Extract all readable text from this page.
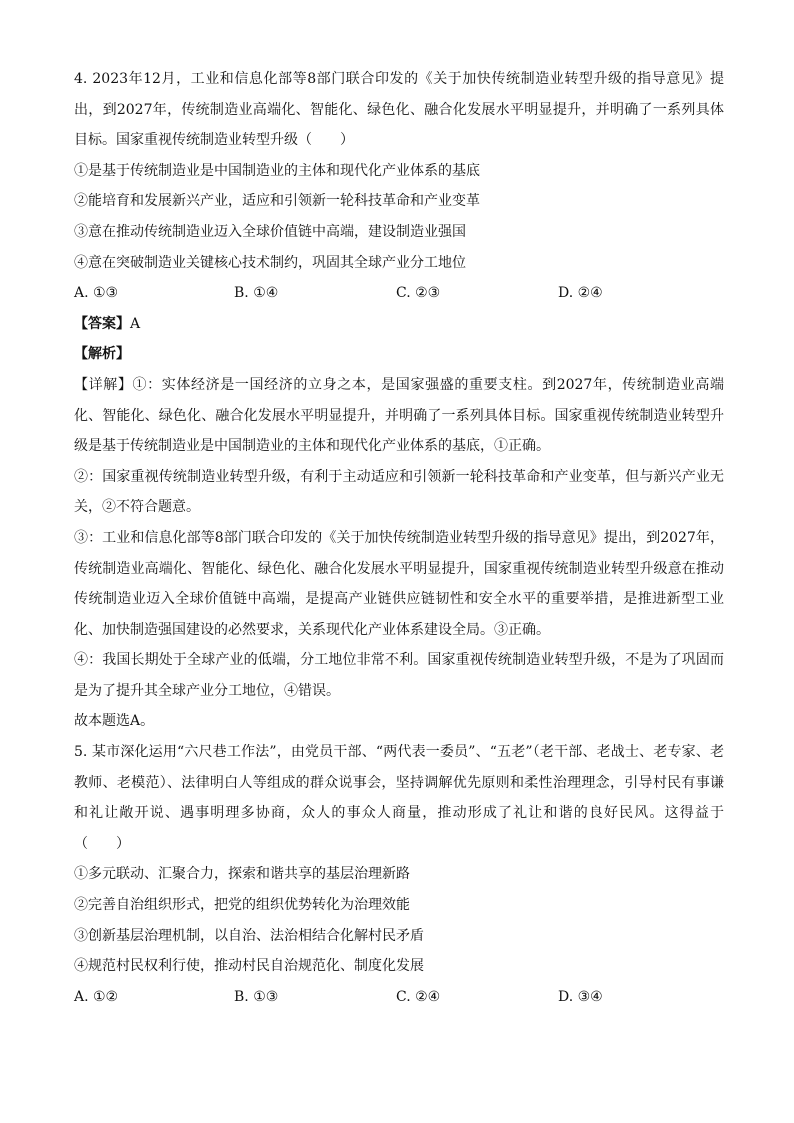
4. 2023年12月，工业和信息化部等8部门联合印发的《关于加快传统制造业转型升级的指导意见》提出，到2027年，传统制造业高端化、智能化、绿色化、融合化发展水平明显提升，并明确了一系列具体目标。国家重视传统制造业转型升级（　　）
①是基于传统制造业是中国制造业的主体和现代化产业体系的基底
②能培育和发展新兴产业，适应和引领新一轮科技革命和产业变革
③意在推动传统制造业迈入全球价值链中高端，建设制造业强国
④意在突破制造业关键核心技术制约，巩固其全球产业分工地位
A. ①③	B. ①④	C. ②③	D. ②④
【答案】A
【解析】
【详解】①：实体经济是一国经济的立身之本，是国家强盛的重要支柱。到2027年，传统制造业高端化、智能化、绿色化、融合化发展水平明显提升，并明确了一系列具体目标。国家重视传统制造业转型升级是基于传统制造业是中国制造业的主体和现代化产业体系的基底，①正确。
②：国家重视传统制造业转型升级，有利于主动适应和引领新一轮科技革命和产业变革，但与新兴产业无关，②不符合题意。
③：工业和信息化部等8部门联合印发的《关于加快传统制造业转型升级的指导意见》提出，到2027年，传统制造业高端化、智能化、绿色化、融合化发展水平明显提升，国家重视传统制造业转型升级意在推动传统制造业迈入全球价值链中高端，是提高产业链供应链韧性和安全水平的重要举措，是推进新型工业化、加快制造强国建设的必然要求，关系现代化产业体系建设全局。③正确。
④：我国长期处于全球产业的低端，分工地位非常不利。国家重视传统制造业转型升级，不是为了巩固而是为了提升其全球产业分工地位，④错误。
故本题选A。
5. 某市深化运用“六尺巷工作法”，由党员干部、“两代表一委员”、“五老”（老干部、老战士、老专家、老教师、老模范）、法律明白人等组成的群众说事会，坚持调解优先原则和柔性治理理念，引导村民有事谦和礼让敞开说、遇事明理多协商，众人的事众人商量，推动形成了礼让和谐的良好民风。这得益于（　　）
①多元联动、汇聚合力，探索和谐共享的基层治理新路
②完善自治组织形式，把党的组织优势转化为治理效能
③创新基层治理机制，以自治、法治相结合化解村民矛盾
④规范村民权利行使，推动村民自治规范化、制度化发展
A. ①②	B. ①③	C. ②④	D. ③④
